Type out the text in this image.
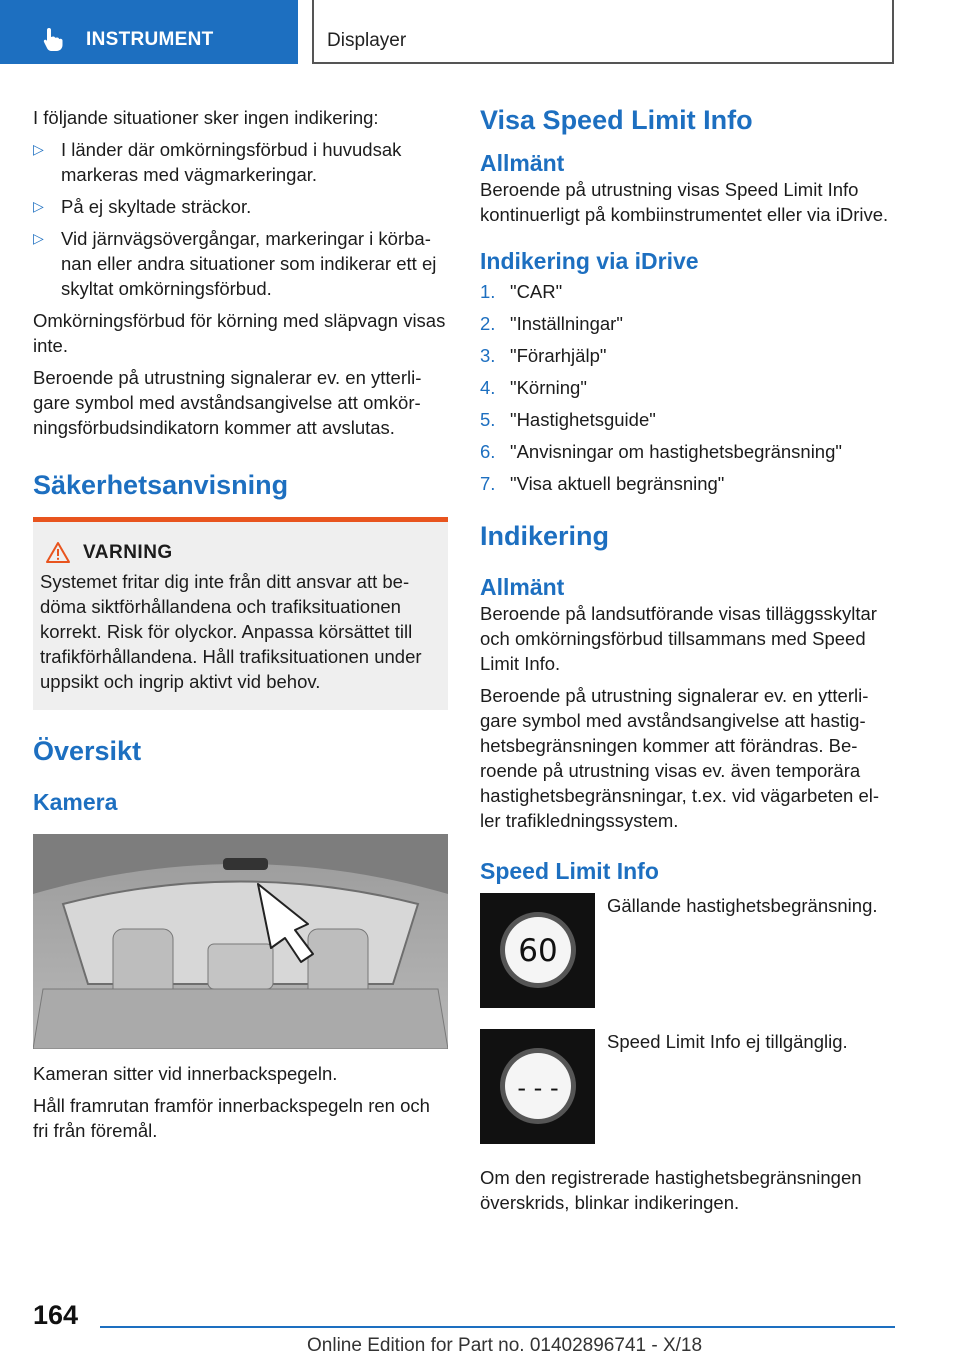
INSTRUMENT	Displayer

I följande situationer sker ingen indikering:

▷ I länder där omkörningsförbud i huvudsak markeras med vägmarkeringar.
▷ På ej skyltade sträckor.
▷ Vid järnvägsövergångar, markeringar i körbanan eller andra situationer som indikerar ett ej skyltat omkörningsförbud.

Omkörningsförbud för körning med släpvagn visas inte.

Beroende på utrustning signalerar ev. en ytterligare symbol med avståndsangivelse att omkörningsförbudsindikatorn kommer att avslutas.

Säkerhetsanvisning
VARNING
Systemet fritar dig inte från ditt ansvar att bedöma siktförhållandena och trafiksituationen korrekt. Risk för olyckor. Anpassa körsättet till trafikförhållandena. Håll trafiksituationen under uppsikt och ingrip aktivt vid behov.
Översikt
Kamera

Kameran sitter vid innerbackspegeln.

Håll framrutan framför innerbackspegeln ren och fri från föremål.

Visa Speed Limit Info
Allmänt

Beroende på utrustning visas Speed Limit Info kontinuerligt på kombiinstrumentet eller via iDrive.

Indikering via iDrive
1. "CAR"
2. "Inställningar"
3. "Förarhjälp"
4. "Körning"
5. "Hastighetsguide"
6. "Anvisningar om hastighetsbegränsning"
7. "Visa aktuell begränsning"
Indikering
Allmänt

Beroende på landsutförande visas tilläggsskyltar och omkörningsförbud tillsammans med Speed Limit Info.

Beroende på utrustning signalerar ev. en ytterligare symbol med avståndsangivelse att hastighetsbegränsningen kommer att förändras. Beroende på utrustning visas ev. även temporära hastighetsbegränsningar, t.ex. vid vägarbeten eller trafikledningssystem.

Speed Limit Info
60
Gällande hastighetsbegränsning.
- - -
Speed Limit Info ej tillgänglig.

Om den registrerade hastighetsbegränsningen överskrids, blinkar indikeringen.

164
Online Edition for Part no. 01402896741 - X/18
